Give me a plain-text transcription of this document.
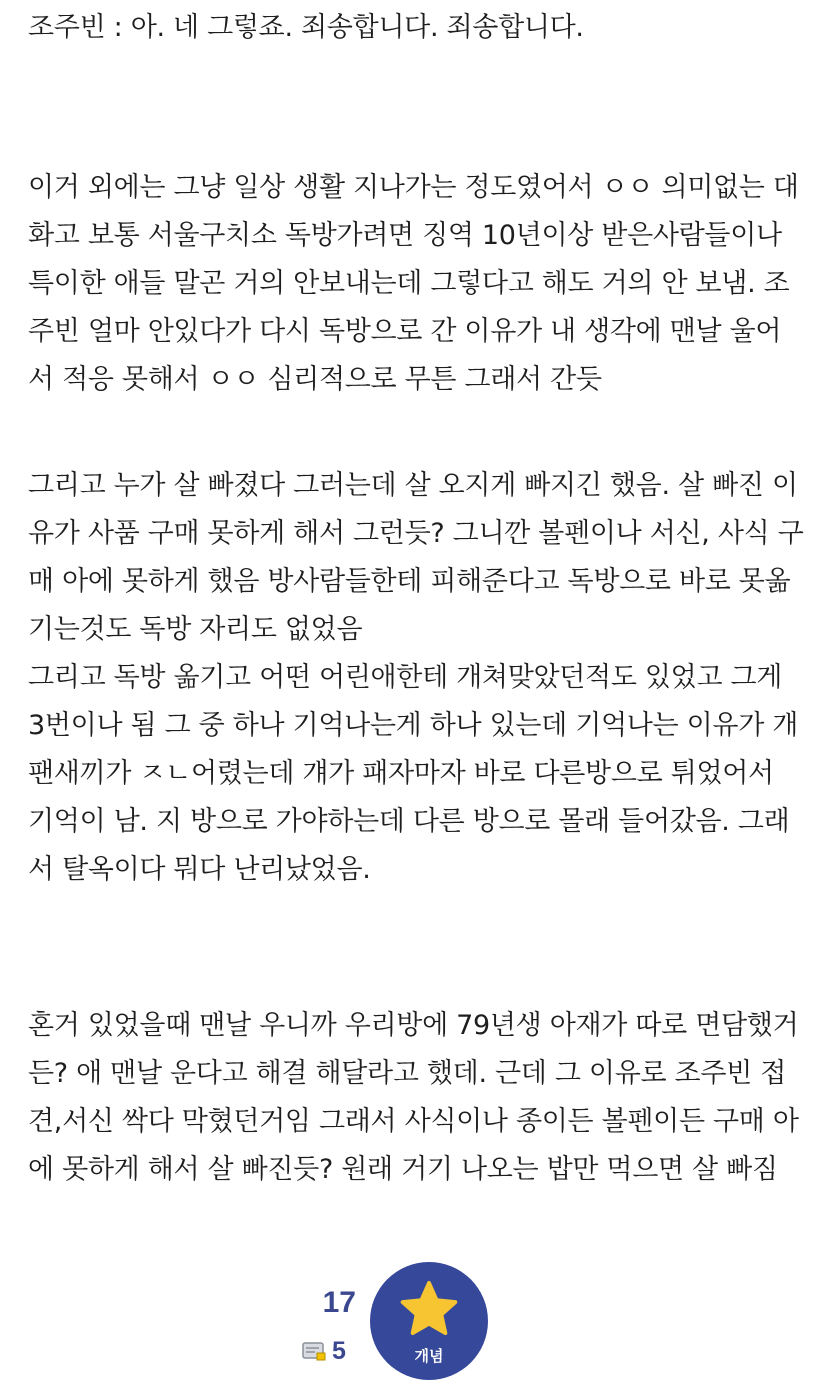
조주빈 : 아. 네 그렇죠. 죄송합니다. 죄송합니다.
이거 외에는 그냥 일상 생활 지나가는 정도였어서 ㅇㅇ 의미없는 대
화고 보통 서울구치소 독방가려면 징역 10년이상 받은사람들이나
특이한 애들 말곤 거의 안보내는데 그렇다고 해도 거의 안 보냄. 조
주빈 얼마 안있다가 다시 독방으로 간 이유가 내 생각에 맨날 울어
서 적응 못해서 ㅇㅇ 심리적으로 무튼 그래서 간듯
그리고 누가 살 빠졌다 그러는데 살 오지게 빠지긴 했음. 살 빠진 이
유가 사품 구매 못하게 해서 그런듯? 그니깐 볼펜이나 서신, 사식 구
매 아에 못하게 했음 방사람들한테 피해준다고 독방으로 바로 못옮
기는것도 독방 자리도 없었음
그리고 독방 옮기고 어떤 어린애한테 개쳐맞았던적도 있었고 그게
3번이나 됨 그 중 하나 기억나는게 하나 있는데 기억나는 이유가 개
팬새끼가 ㅈㄴ어렸는데 걔가 패자마자 바로 다른방으로 튀었어서
기억이 남. 지 방으로 가야하는데 다른 방으로 몰래 들어갔음. 그래
서 탈옥이다 뭐다 난리났었음.
혼거 있었을때 맨날 우니까 우리방에 79년생 아재가 따로 면담했거
든? 애 맨날 운다고 해결 해달라고 했데. 근데 그 이유로 조주빈 접
견,서신 싹다 막혔던거임 그래서 사식이나 종이든 볼펜이든 구매 아
에 못하게 해서 살 빠진듯? 원래 거기 나오는 밥만 먹으면 살 빠짐
17
5	개념
